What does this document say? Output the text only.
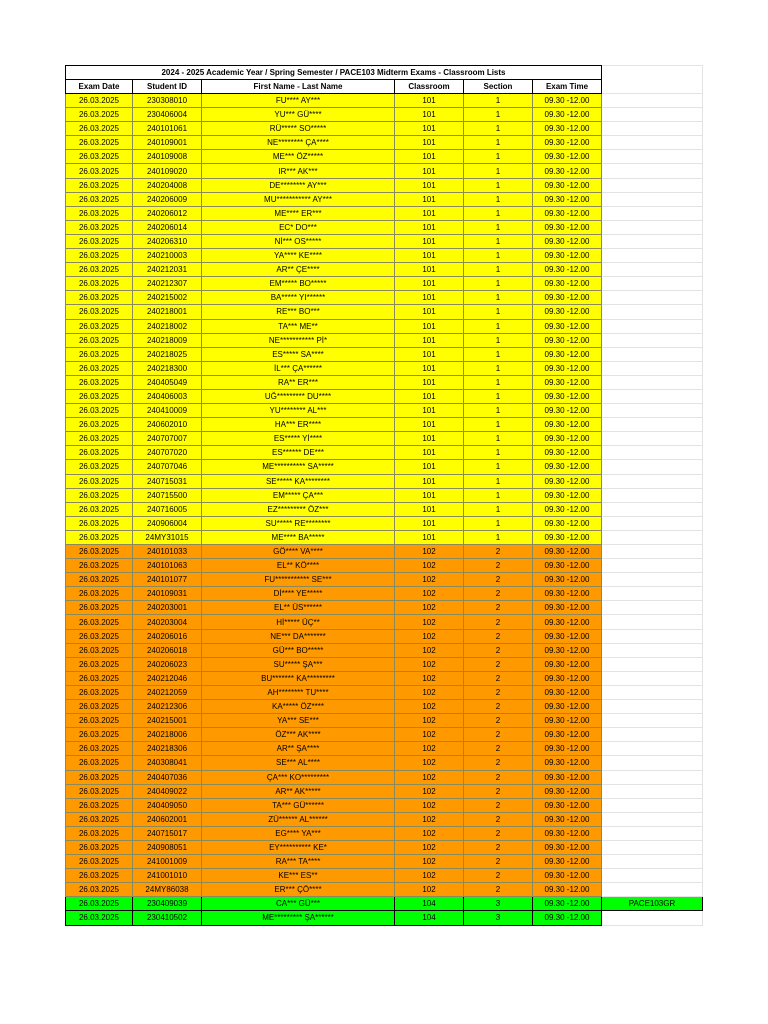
2024 - 2025 Academic Year / Spring Semester / PACE103 Midterm Exams - Classroom Lists						
Exam Date	Student ID	First Name - Last Name	Classroom	Section	Exam Time	
26.03.2025	230308010	FU**** AY***	101	1	09.30 -12.00	
26.03.2025	230406004	YU*** GÜ****	101	1	09.30 -12.00	
26.03.2025	240101061	RÜ***** SO*****	101	1	09.30 -12.00	
26.03.2025	240109001	NE******** ÇA****	101	1	09.30 -12.00	
26.03.2025	240109008	ME*** ÖZ*****	101	1	09.30 -12.00	
26.03.2025	240109020	IR*** AK***	101	1	09.30 -12.00	
26.03.2025	240204008	DE******** AY***	101	1	09.30 -12.00	
26.03.2025	240206009	MU*********** AY***	101	1	09.30 -12.00	
26.03.2025	240206012	ME**** ER***	101	1	09.30 -12.00	
26.03.2025	240206014	EC* DO***	101	1	09.30 -12.00	
26.03.2025	240206310	Nİ*** OS*****	101	1	09.30 -12.00	
26.03.2025	240210003	YA**** KE****	101	1	09.30 -12.00	
26.03.2025	240212031	AR** ÇE****	101	1	09.30 -12.00	
26.03.2025	240212307	EM***** BO*****	101	1	09.30 -12.00	
26.03.2025	240215002	BA***** YI******	101	1	09.30 -12.00	
26.03.2025	240218001	RE*** BO***	101	1	09.30 -12.00	
26.03.2025	240218002	TA*** ME**	101	1	09.30 -12.00	
26.03.2025	240218009	NE*********** Pİ*	101	1	09.30 -12.00	
26.03.2025	240218025	ES***** SA****	101	1	09.30 -12.00	
26.03.2025	240218300	İL*** ÇA******	101	1	09.30 -12.00	
26.03.2025	240405049	RA** ER***	101	1	09.30 -12.00	
26.03.2025	240406003	UĞ********* DU****	101	1	09.30 -12.00	
26.03.2025	240410009	YU******** AL***	101	1	09.30 -12.00	
26.03.2025	240602010	HA*** ER****	101	1	09.30 -12.00	
26.03.2025	240707007	ES***** Yİ****	101	1	09.30 -12.00	
26.03.2025	240707020	ES****** DE***	101	1	09.30 -12.00	
26.03.2025	240707046	ME********** SA*****	101	1	09.30 -12.00	
26.03.2025	240715031	SE***** KA********	101	1	09.30 -12.00	
26.03.2025	240715500	EM***** ÇA***	101	1	09.30 -12.00	
26.03.2025	240716005	EZ********* ÖZ***	101	1	09.30 -12.00	
26.03.2025	240906004	SU***** RE********	101	1	09.30 -12.00	
26.03.2025	24MY31015	ME**** BA*****	101	1	09.30 -12.00	
26.03.2025	240101033	GÖ**** VA****	102	2	09.30 -12.00	
26.03.2025	240101063	EL** KÖ****	102	2	09.30 -12.00	
26.03.2025	240101077	FU*********** SE***	102	2	09.30 -12.00	
26.03.2025	240109031	Dİ**** YE*****	102	2	09.30 -12.00	
26.03.2025	240203001	EL** ÜS******	102	2	09.30 -12.00	
26.03.2025	240203004	Hİ***** ÜÇ**	102	2	09.30 -12.00	
26.03.2025	240206016	NE*** DA*******	102	2	09.30 -12.00	
26.03.2025	240206018	GÜ*** BO*****	102	2	09.30 -12.00	
26.03.2025	240206023	SU***** ŞA***	102	2	09.30 -12.00	
26.03.2025	240212046	BU******* KA*********	102	2	09.30 -12.00	
26.03.2025	240212059	AH******** TU****	102	2	09.30 -12.00	
26.03.2025	240212306	KA***** ÖZ****	102	2	09.30 -12.00	
26.03.2025	240215001	YA*** SE***	102	2	09.30 -12.00	
26.03.2025	240218006	ÖZ*** AK****	102	2	09.30 -12.00	
26.03.2025	240218306	AR** ŞA****	102	2	09.30 -12.00	
26.03.2025	240308041	SE*** AL****	102	2	09.30 -12.00	
26.03.2025	240407036	ÇA*** KO*********	102	2	09.30 -12.00	
26.03.2025	240409022	AR** AK*****	102	2	09.30 -12.00	
26.03.2025	240409050	TA*** GÜ******	102	2	09.30 -12.00	
26.03.2025	240602001	ZÜ****** AL******	102	2	09.30 -12.00	
26.03.2025	240715017	EG**** YA***	102	2	09.30 -12.00	
26.03.2025	240908051	EY********** KE*	102	2	09.30 -12.00	
26.03.2025	241001009	RA*** TA****	102	2	09.30 -12.00	
26.03.2025	241001010	KE*** ES**	102	2	09.30 -12.00	
26.03.2025	24MY86038	ER*** ÇÖ****	102	2	09.30 -12.00	
26.03.2025	230409039	CA*** GÜ***	104	3	09.30 -12.00	PACE103GR
26.03.2025	230410502	ME********* ŞA******	104	3	09.30 -12.00	
